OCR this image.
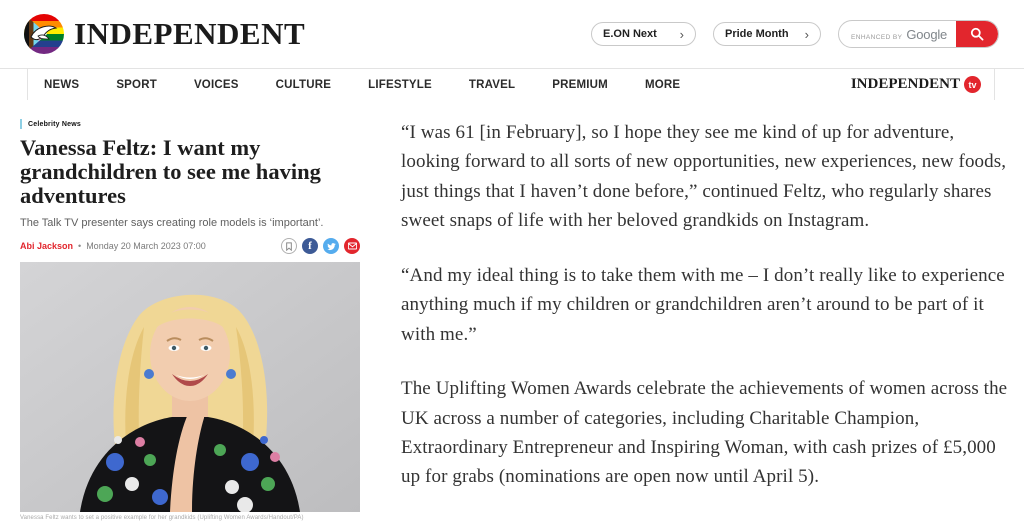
INDEPENDENT	E.ON Next ›	Pride Month ›	ENHANCED BY Google
NEWS	SPORT	VOICES	CULTURE	LIFESTYLE	TRAVEL	PREMIUM	MORE	INDEPENDENT tv
Celebrity News
Vanessa Feltz: I want my grandchildren to see me having adventures
The Talk TV presenter says creating role models is ‘important’.
Abi Jackson • Monday 20 March 2023 07:00	f
Vanessa Feltz wants to set a positive example for her grandkids (Uplifting Women Awards/Handout/PA)

“I was 61 [in February], so I hope they see me kind of up for adventure, looking forward to all sorts of new opportunities, new experiences, new foods, just things that I haven’t done before,” continued Feltz, who regularly shares sweet snaps of life with her beloved grandkids on Instagram.

“And my ideal thing is to take them with me – I don’t really like to experience anything much if my children or grandchildren aren’t around to be part of it with me.”

The Uplifting Women Awards celebrate the achievements of women across the UK across a number of categories, including Charitable Champion, Extraordinary Entrepreneur and Inspiring Woman, with cash prizes of £5,000 up for grabs (nominations are open now until April 5).
